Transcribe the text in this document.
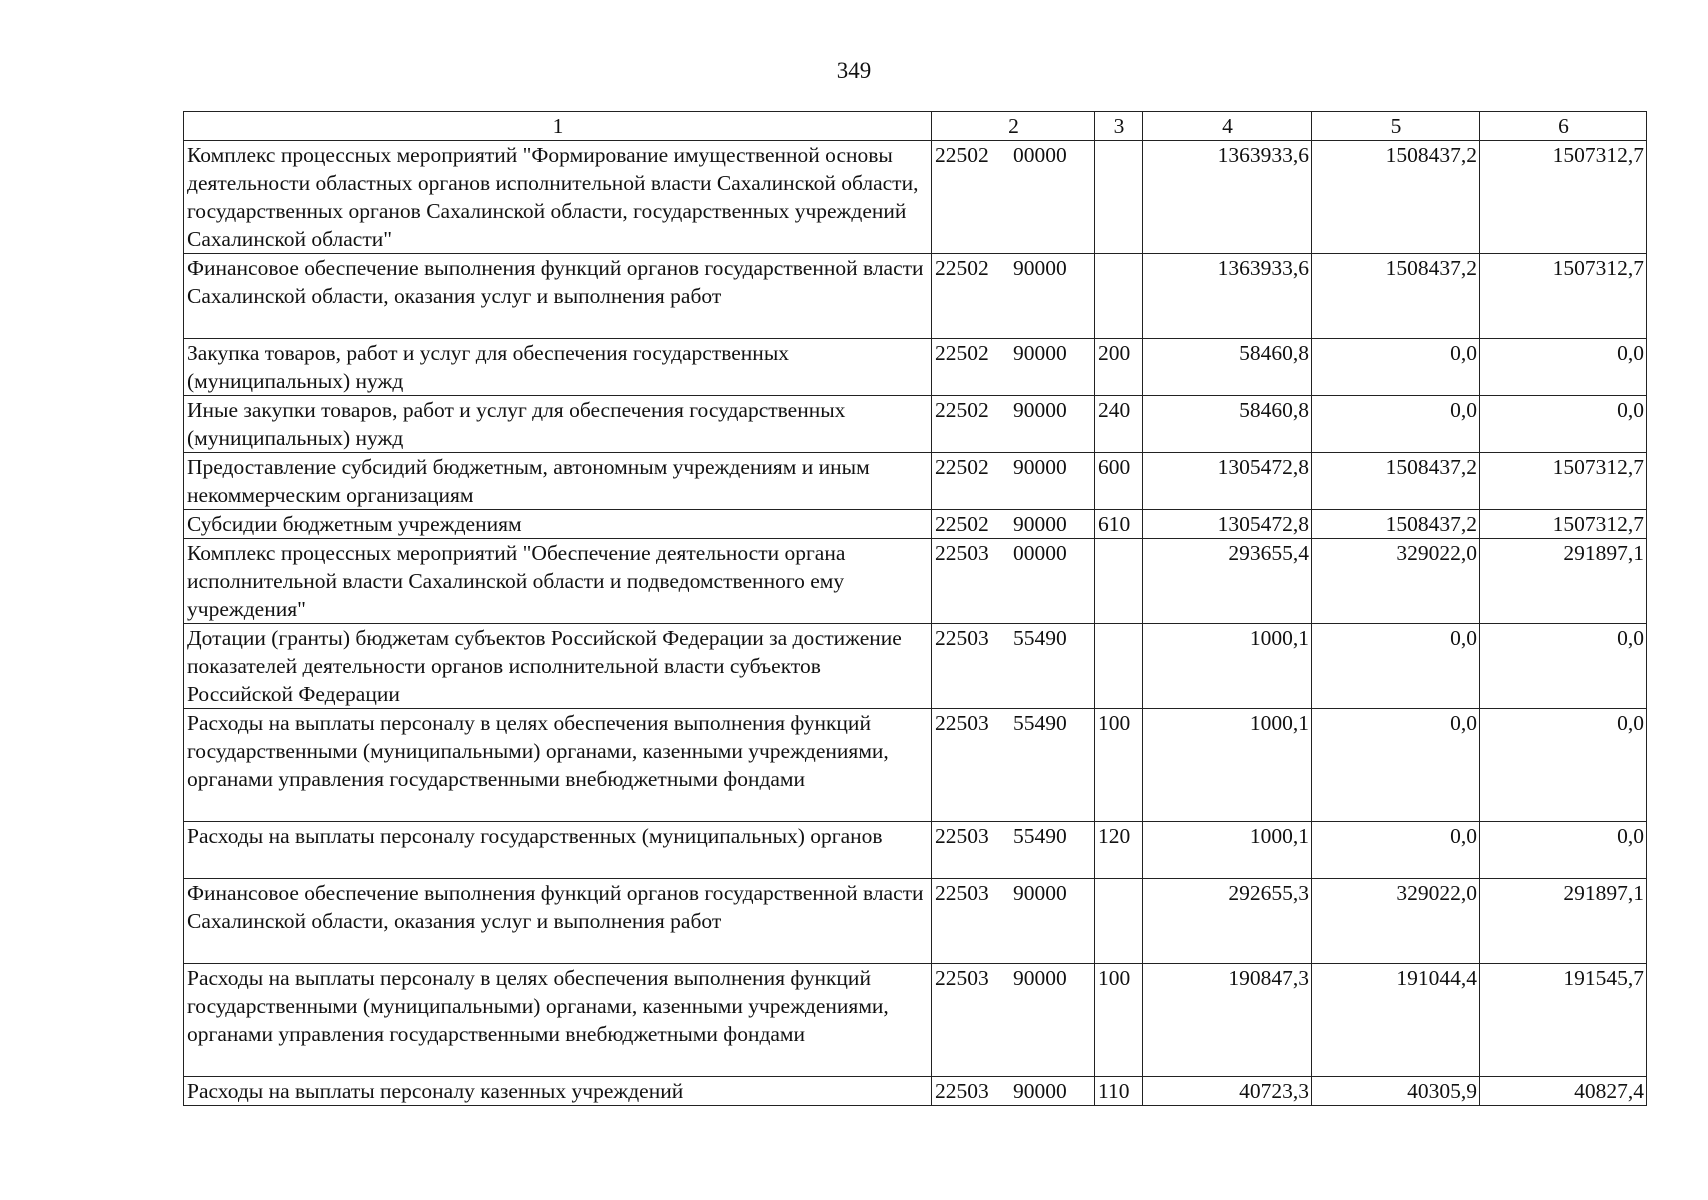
349
1	2	3	4	5	6
Комплекс процессных мероприятий "Формирование имущественной основы деятельности областных органов исполнительной власти Сахалинской области, государственных органов Сахалинской области, государственных учреждений Сахалинской области"	22502 00000		1363933,6	1508437,2	1507312,7
Финансовое обеспечение выполнения функций органов государственной власти Сахалинской области, оказания услуг и выполнения работ	22502 90000		1363933,6	1508437,2	1507312,7
Закупка товаров, работ и услуг для обеспечения государственных (муниципальных) нужд	22502 90000	200	58460,8	0,0	0,0
Иные закупки товаров, работ и услуг для обеспечения государственных (муниципальных) нужд	22502 90000	240	58460,8	0,0	0,0
Предоставление субсидий бюджетным, автономным учреждениям и иным некоммерческим организациям	22502 90000	600	1305472,8	1508437,2	1507312,7
Субсидии бюджетным учреждениям	22502 90000	610	1305472,8	1508437,2	1507312,7
Комплекс процессных мероприятий "Обеспечение деятельности органа исполнительной власти Сахалинской области и подведомственного ему учреждения"	22503 00000		293655,4	329022,0	291897,1
Дотации (гранты) бюджетам субъектов Российской Федерации за достижение показателей деятельности органов исполнительной власти субъектов Российской Федерации	22503 55490		1000,1	0,0	0,0
Расходы на выплаты персоналу в целях обеспечения выполнения функций государственными (муниципальными) органами, казенными учреждениями, органами управления государственными внебюджетными фондами	22503 55490	100	1000,1	0,0	0,0
Расходы на выплаты персоналу государственных (муниципальных) органов	22503 55490	120	1000,1	0,0	0,0
Финансовое обеспечение выполнения функций органов государственной власти Сахалинской области, оказания услуг и выполнения работ	22503 90000		292655,3	329022,0	291897,1
Расходы на выплаты персоналу в целях обеспечения выполнения функций государственными (муниципальными) органами, казенными учреждениями, органами управления государственными внебюджетными фондами	22503 90000	100	190847,3	191044,4	191545,7
Расходы на выплаты персоналу казенных учреждений	22503 90000	110	40723,3	40305,9	40827,4
